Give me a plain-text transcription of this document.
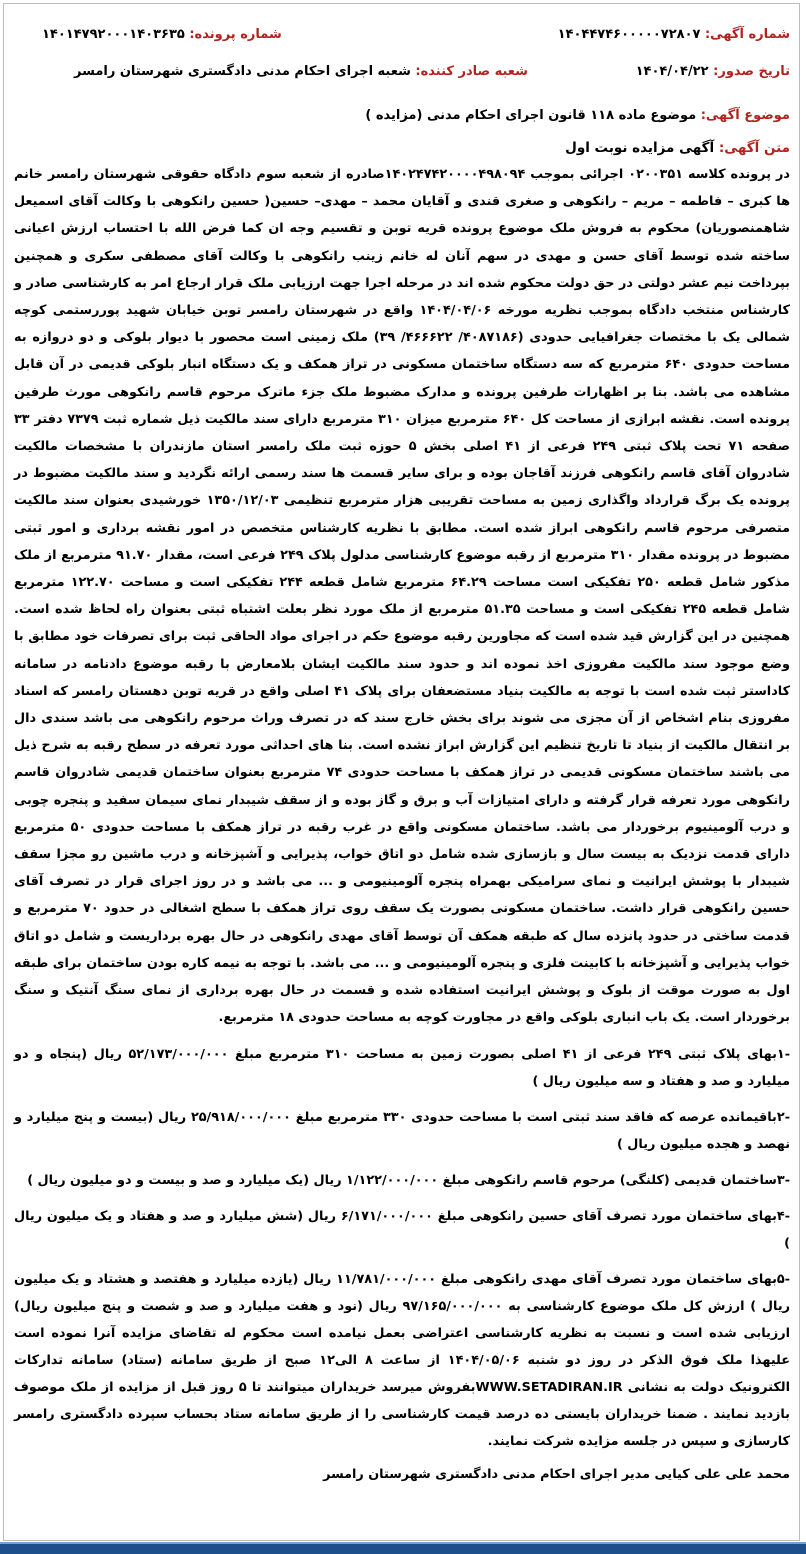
شماره آگهی: ۱۴۰۴۴۷۴۶۰۰۰۰۰۷۲۸۰۷
شماره پرونده: ۱۴۰۱۴۷۹۲۰۰۰۱۴۰۳۶۳۵
تاریخ صدور: ۱۴۰۴/۰۴/۲۲
شعبه صادر کننده: شعبه اجرای احکام مدنی دادگستری شهرستان رامسر
موضوع آگهی: موضوع ماده ۱۱۸ قانون اجرای احکام مدنی (مزایده )
متن آگهی: آگهی مزایده نوبت اول
در پرونده کلاسه ۰۲۰۰۳۵۱ اجرائی بموجب ۱۴۰۲۴۷۴۲۰۰۰۰۴۹۸۰۹۴صادره از شعبه سوم دادگاه حقوقی شهرستان رامسر خانم ها کبری – فاطمه – مریم – رانکوهی و صغری قندی و آقایان محمد – مهدی– حسین( حسین رانکوهی با وکالت آقای اسمیعل شاهمنصوریان) محکوم به فروش ملک موضوع پرونده قریه توبن و تقسیم وجه ان کما فرض الله با احتساب ارزش اعیانی ساخته شده توسط آقای حسن و مهدی در سهم آنان له خانم زینب رانکوهی با وکالت آقای مصطفی سکری و همچنین بپرداخت نیم عشر دولتی در حق دولت محکوم شده اند در مرحله اجرا جهت ارزیابی ملک قرار ارجاع امر به کارشناسی صادر و کارشناس منتخب دادگاه بموجب نظریه مورخه ۱۴۰۴/۰۴/۰۶ واقع در شهرستان رامسر توبن خیابان شهید پوررستمی کوچه شمالی یک با مختصات جغرافیایی حدودی (۴۰۸۷۱۸۶/ ۴۶۶۶۲۲/ ۳۹) ملک زمینی است محصور با دیوار بلوکی و دو دروازه به مساحت حدودی ۶۴۰ مترمربع که سه دستگاه ساختمان مسکونی در تراز همکف و یک دستگاه انبار بلوکی قدیمی در آن قابل مشاهده می باشد. بنا بر اظهارات طرفین پرونده و مدارک مضبوط ملک جزء ماترک مرحوم قاسم رانکوهی مورث طرفین پرونده است. نقشه ابرازی از مساحت کل ۶۴۰ مترمربع میزان ۳۱۰ مترمربع دارای سند مالکیت ذیل شماره ثبت ۷۳۷۹ دفتر ۳۳ صفحه ۷۱ تحت پلاک ثبتی ۲۴۹ فرعی از ۴۱ اصلی بخش ۵ حوزه ثبت ملک رامسر استان مازندران با مشخصات مالکیت شادروان آقای قاسم رانکوهی فرزند آقاجان بوده و برای سایر قسمت ها سند رسمی ارائه نگردید و سند مالکیت مضبوط در پرونده یک برگ قرارداد واگذاری زمین به مساحت تقریبی هزار مترمربع تنظیمی ۱۳۵۰/۱۲/۰۳ خورشیدی بعنوان سند مالکیت متصرفی مرحوم قاسم رانکوهی ابراز شده است. مطابق با نظریه کارشناس متخصص در امور نقشه برداری و امور ثبتی مضبوط در پرونده مقدار ۳۱۰ مترمربع از رقبه موضوع کارشناسی مدلول پلاک ۲۴۹ فرعی است، مقدار ۹۱.۷۰ مترمربع از ملک مذکور شامل قطعه ۲۵۰ تفکیکی است مساحت ۶۴.۲۹ مترمربع شامل قطعه ۲۴۴ تفکیکی است و مساحت ۱۲۲.۷۰ مترمربع شامل قطعه ۲۴۵ تفکیکی است و مساحت ۵۱.۳۵ مترمربع از ملک مورد نظر بعلت اشتباه ثبتی بعنوان راه لحاظ شده است. همچنین در این گزارش قید شده است که مجاورین رقبه موضوع حکم در اجرای مواد الحاقی ثبت برای تصرفات خود مطابق با وضع موجود سند مالکیت مفروزی اخذ نموده اند و حدود سند مالکیت ایشان بلامعارض با رقبه موضوع دادنامه در سامانه کاداستر ثبت شده است با توجه به مالکیت بنیاد مستضعفان برای پلاک ۴۱ اصلی واقع در قریه توبن دهستان رامسر که اسناد مفروزی بنام اشخاص از آن مجزی می شوند برای بخش خارج سند که در تصرف وراث مرحوم رانکوهی می باشد سندی دال بر انتقال مالکیت از بنیاد تا تاریخ تنظیم این گزارش ابراز نشده است. بنا های احداثی مورد تعرفه در سطح رقبه به شرح ذیل می باشند ساختمان مسکونی قدیمی در تراز همکف با مساحت حدودی ۷۴ مترمربع بعنوان ساختمان قدیمی شادروان قاسم رانکوهی مورد تعرفه قرار گرفته و دارای امتیازات آب و برق و گاز بوده و از سقف شیبدار نمای سیمان سفید و پنجره چوبی و درب آلومینیوم برخوردار می باشد. ساختمان مسکونی واقع در غرب رقبه در تراز همکف با مساحت حدودی ۵۰ مترمربع دارای قدمت نزدیک به بیست سال و بازسازی شده شامل دو اتاق خواب، پذیرایی و آشپزخانه و درب ماشین رو مجزا سقف شیبدار با پوشش ایرانیت و نمای سرامیکی بهمراه پنجره آلومینیومی و ... می باشد و در روز اجرای قرار در تصرف آقای حسین رانکوهی قرار داشت. ساختمان مسکونی بصورت یک سقف روی تراز همکف با سطح اشغالی در حدود ۷۰ مترمربع و قدمت ساختی در حدود پانزده سال که طبقه همکف آن توسط آقای مهدی رانکوهی در حال بهره برداریست و شامل دو اتاق خواب پذیرایی و آشپزخانه با کابینت فلزی و پنجره آلومینیومی و ... می باشد. با توجه به نیمه کاره بودن ساختمان برای طبقه اول به صورت موقت از بلوک و پوشش ایرانیت استفاده شده و قسمت در حال بهره برداری از نمای سنگ آنتیک و سنگ برخوردار است. یک باب انباری بلوکی واقع در مجاورت کوچه به مساحت حدودی ۱۸ مترمربع.
-۱بهای پلاک ثبتی ۲۴۹ فرعی از ۴۱ اصلی بصورت زمین به مساحت ۳۱۰ مترمربع مبلغ ۵۲/۱۷۳/۰۰۰/۰۰۰ ریال (پنجاه و دو میلیارد و صد و هفتاد و سه میلیون ریال )
-۲باقیمانده عرصه که فاقد سند ثبتی است با مساحت حدودی ۳۳۰ مترمربع مبلغ ۲۵/۹۱۸/۰۰۰/۰۰۰ ریال (بیست و پنج میلیارد و نهصد و هجده میلیون ریال )
-۳ساختمان قدیمی (کلنگی) مرحوم قاسم رانکوهی مبلغ ۱/۱۲۲/۰۰۰/۰۰۰ ریال (یک میلیارد و صد و بیست و دو میلیون ریال )
-۴بهای ساختمان مورد تصرف آقای حسین رانکوهی مبلغ ۶/۱۷۱/۰۰۰/۰۰۰ ریال (شش میلیارد و صد و هفتاد و یک میلیون ریال )
-۵بهای ساختمان مورد تصرف آقای مهدی رانکوهی مبلغ ۱۱/۷۸۱/۰۰۰/۰۰۰ ریال (یازده میلیارد و هفتصد و هشتاد و یک میلیون ریال ) ارزش کل ملک موضوع کارشناسی به ۹۷/۱۶۵/۰۰۰/۰۰۰ ریال (نود و هفت میلیارد و صد و شصت و پنج میلیون ریال) ارزیابی شده است و نسبت به نظریه کارشناسی اعتراضی بعمل نیامده است محکوم له تقاضای مزایده آنرا نموده است علیهذا ملک فوق الذکر در روز دو شنبه ۱۴۰۴/۰۵/۰۶ از ساعت ۸ الی۱۲ صبح از طریق سامانه (ستاد) سامانه تدارکات الکترونیک دولت به نشانی WWW.SETADIRAN.IRبفروش میرسد خریداران میتوانند تا ۵ روز قبل از مزایده از ملک موصوف بازدید نمایند . ضمنا خریداران بایستی ده درصد قیمت کارشناسی را از طریق سامانه ستاد بحساب سپرده دادگستری رامسر کارسازی و سپس در جلسه مزایده شرکت نمایند.
محمد علی علی کیایی مدیر اجرای احکام مدنی دادگستری شهرستان رامسر
